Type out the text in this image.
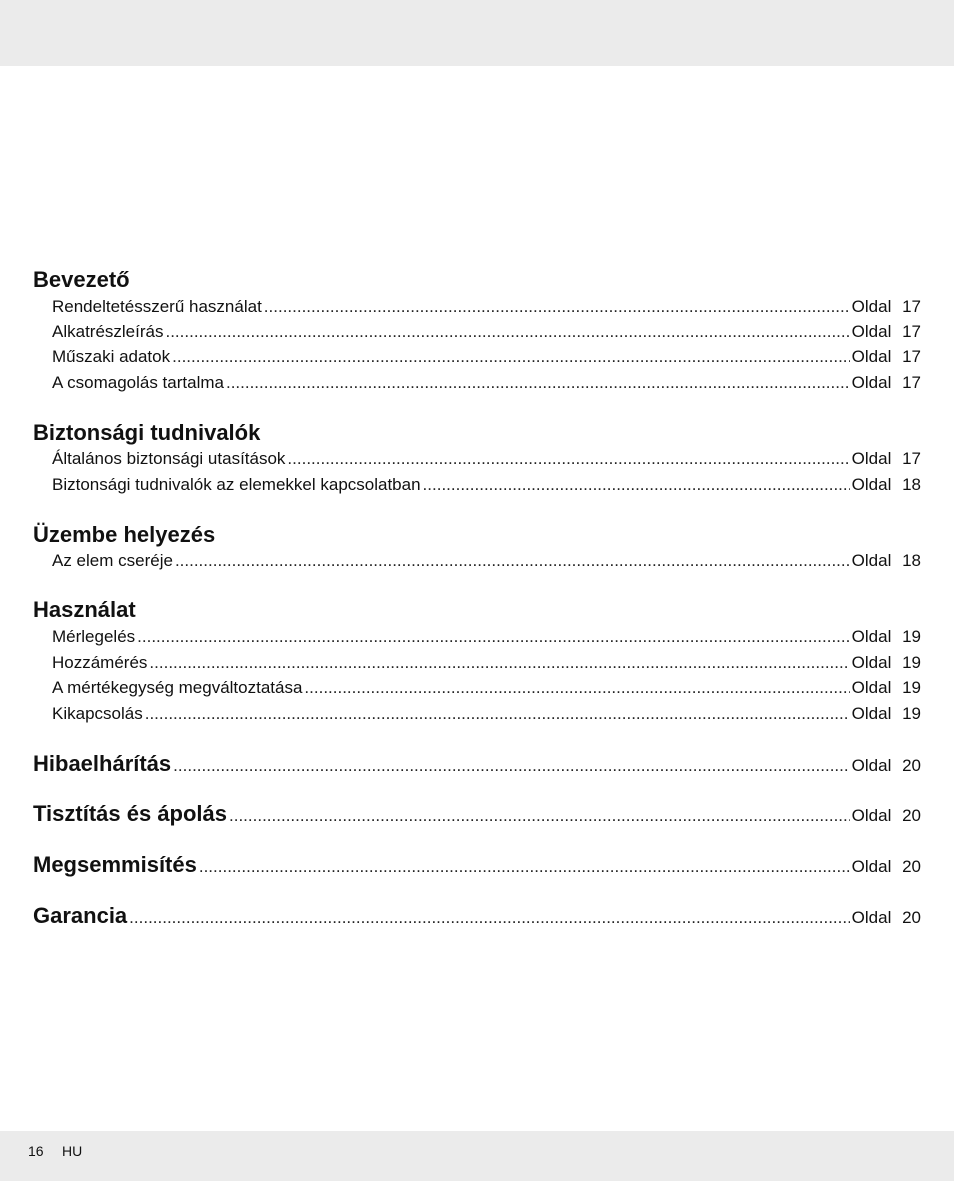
Bevezető
Rendeltetésszerű használat .....	Oldal 17
Alkatrészleírás .....	Oldal 17
Műszaki adatok .....	Oldal 17
A csomagolás tartalma .....	Oldal 17
Biztonsági tudnivalók
Általános biztonsági utasítások .....	Oldal 17
Biztonsági tudnivalók az elemekkel kapcsolatban .....	Oldal 18
Üzembe helyezés
Az elem cseréje .....	Oldal 18
Használat
Mérlegelés .....	Oldal 19
Hozzámérés .....	Oldal 19
A mértékegység megváltoztatása .....	Oldal 19
Kikapcsolás .....	Oldal 19
Hibaelhárítás .....	Oldal 20
Tisztítás és ápolás .....	Oldal 20
Megsemmisítés .....	Oldal 20
Garancia .....	Oldal 20
16 HU
